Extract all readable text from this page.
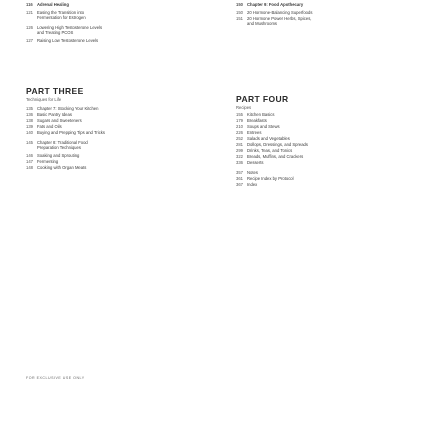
116	Adrenal Healing
121 Easing the Transition into
Fermentation for Estrogen
126 Lowering High Testosterone Levels
and Treating PCOS
127 Raising Low Testosterone Levels
PART THREE
Techniques for Life
135 Chapter 7: Stocking Your Kitchen
136 Basic Pantry Ideas
138 Sugars and Sweeteners
139 Fats and Oils
140 Buying and Prepping Tips and Tricks
145 Chapter 8: Traditional Food
Preparation Techniques
146 Soaking and Sprouting
147 Fermenting
148 Cooking with Organ Meats
150 Chapter 9: Food Apothecary
150 20 Hormone-Balancing Superfoods
151 20 Hormone Power Herbs, Spices,
and Mushrooms
PART FOUR
Recipes
155 Kitchen Basics
179 Breakfasts
210 Soups and Stews
226 Entrees
252 Salads and Vegetables
281 Dollops, Dressings, and Spreads
299 Drinks, Teas, and Tonics
322 Breads, Muffins, and Crackers
336 Desserts
357 Notes
361 Recipe Index by Protocol
367 Index
FOR EXCLUSIVE USE ONLY
